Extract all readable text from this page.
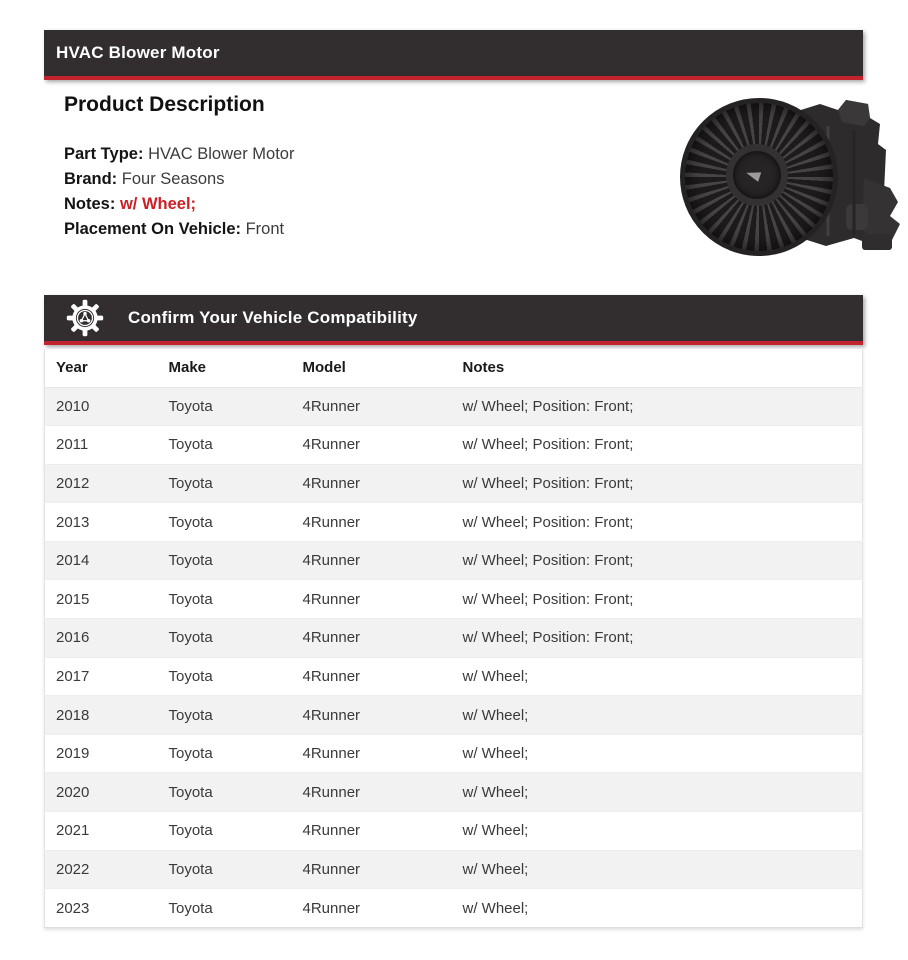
HVAC Blower Motor
Product Description
Part Type: HVAC Blower Motor
Brand: Four Seasons
Notes: w/ Wheel;
Placement On Vehicle: Front
Confirm Your Vehicle Compatibility
Year	Make	Model	Notes
2010	Toyota	4Runner	w/ Wheel; Position: Front;
2011	Toyota	4Runner	w/ Wheel; Position: Front;
2012	Toyota	4Runner	w/ Wheel; Position: Front;
2013	Toyota	4Runner	w/ Wheel; Position: Front;
2014	Toyota	4Runner	w/ Wheel; Position: Front;
2015	Toyota	4Runner	w/ Wheel; Position: Front;
2016	Toyota	4Runner	w/ Wheel; Position: Front;
2017	Toyota	4Runner	w/ Wheel;
2018	Toyota	4Runner	w/ Wheel;
2019	Toyota	4Runner	w/ Wheel;
2020	Toyota	4Runner	w/ Wheel;
2021	Toyota	4Runner	w/ Wheel;
2022	Toyota	4Runner	w/ Wheel;
2023	Toyota	4Runner	w/ Wheel;
